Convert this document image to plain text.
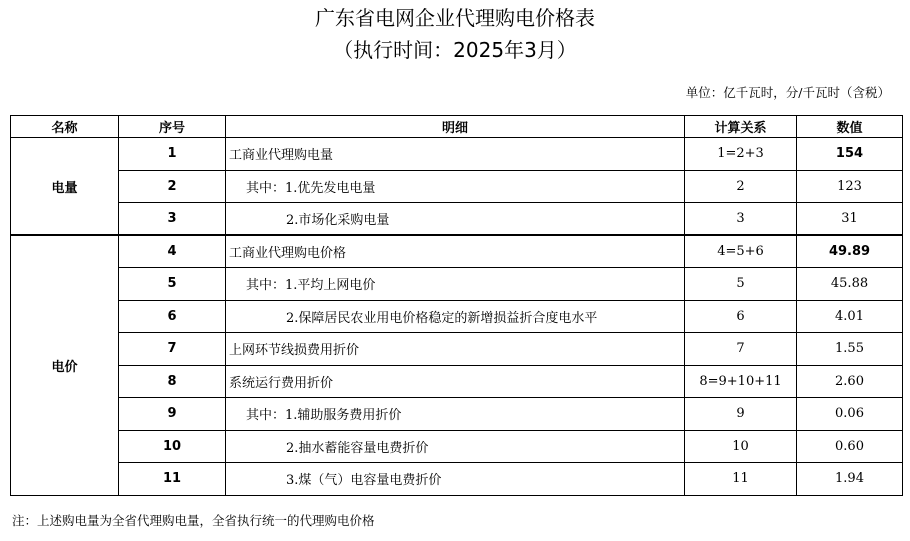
广东省电网企业代理购电价格表
（执行时间：2025年3月）
单位：亿千瓦时，分/千瓦时（含税）
名称	序号	明细	计算关系	数值
电量	1	工商业代理购电量	1=2+3	154
	2	其中：1.优先发电电量	2	123
	3	2.市场化采购电量	3	31
电价	4	工商业代理购电价格	4=5+6	49.89
	5	其中：1.平均上网电价	5	45.88
	6	2.保障居民农业用电价格稳定的新增损益折合度电水平	6	4.01
	7	上网环节线损费用折价	7	1.55
	8	系统运行费用折价	8=9+10+11	2.60
	9	其中：1.辅助服务费用折价	9	0.06
	10	2.抽水蓄能容量电费折价	10	0.60
	11	3.煤（气）电容量电费折价	11	1.94
注：上述购电量为全省代理购电量，全省执行统一的代理购电价格
